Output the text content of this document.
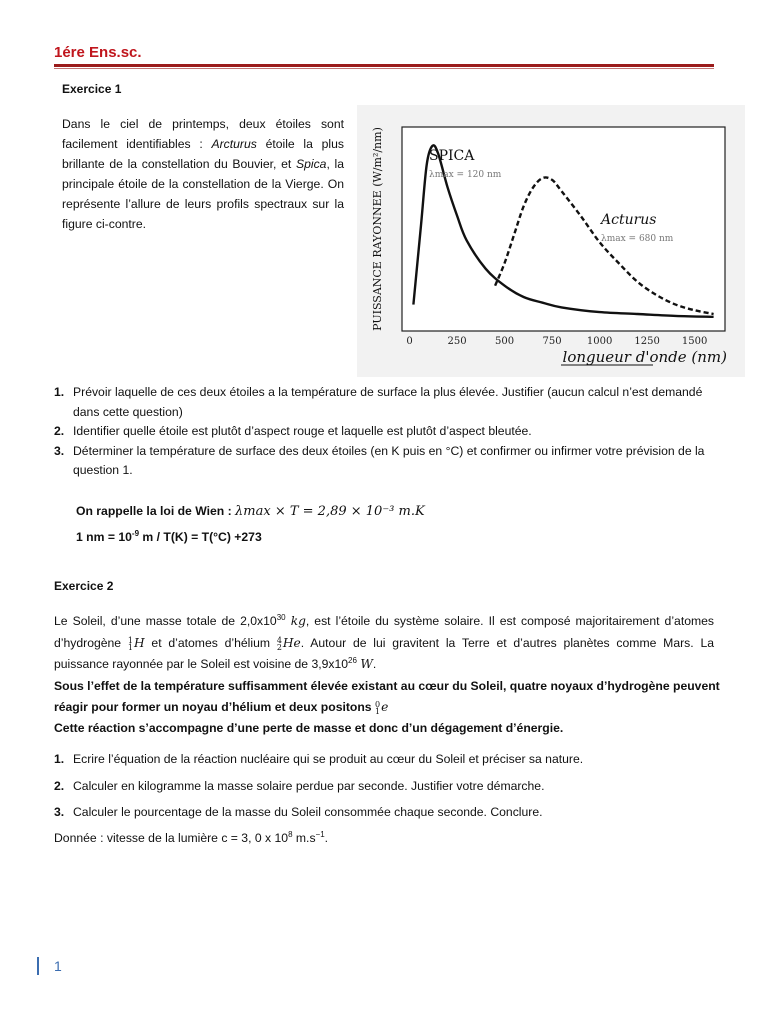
1ére Ens.sc.
Exercice 1
Dans le ciel de printemps, deux étoiles sont facilement identifiables : Arcturus étoile la plus brillante de la constellation du Bouvier, et Spica, la principale étoile de la constellation de la Vierge. On représente l’allure de leurs profils spectraux sur la figure ci-contre.
0	250	500	750	1000 1250 1500
SPICA
λmax = 120 nm
Acturus
λmax = 680 nm
longueur d'onde (nm)
PUISSANCE RAYONNEE (W/m²/nm)
1. Prévoir laquelle de ces deux étoiles a la température de surface la plus élevée. Justifier (aucun calcul n’est demandé dans cette question)
2. Identifier quelle étoile est plutôt d’aspect rouge et laquelle est plutôt d’aspect bleutée.
3. Déterminer la température de surface des deux étoiles (en K puis en °C) et confirmer ou infirmer votre prévision de la question 1.
On rappelle la loi de Wien : λmax × T = 2,89 × 10⁻³ m.K
1 nm = $10^{-9}$ m / T(K) = T(°C) +273
Exercice 2
Le Soleil, d’une masse totale de $2,0x10^{30}$ kg, est l’étoile du système solaire. Il est composé majoritairement d’atomes d’hydrogène 1
1H et d’atomes d’hélium 4
2He. Autour de lui gravitent la Terre et d’autres planètes comme Mars. La puissance rayonnée par le Soleil est voisine de $3,9x10^{26}$ W.
Sous l’effet de la température suffisamment élevée existant au cœur du Soleil, quatre noyaux d’hydrogène peuvent réagir pour former un noyau d’hélium et deux positons 0
1e
Cette réaction s’accompagne d’une perte de masse et donc d’un dégagement d’énergie.
1. Ecrire l’équation de la réaction nucléaire qui se produit au cœur du Soleil et préciser sa nature.
2. Calculer en kilogramme la masse solaire perdue par seconde. Justifier votre démarche.
3. Calculer le pourcentage de la masse du Soleil consommée chaque seconde. Conclure.
Donnée : vitesse de la lumière c = 3, 0 x $10^8$ $m.s^{-1}$.
1
